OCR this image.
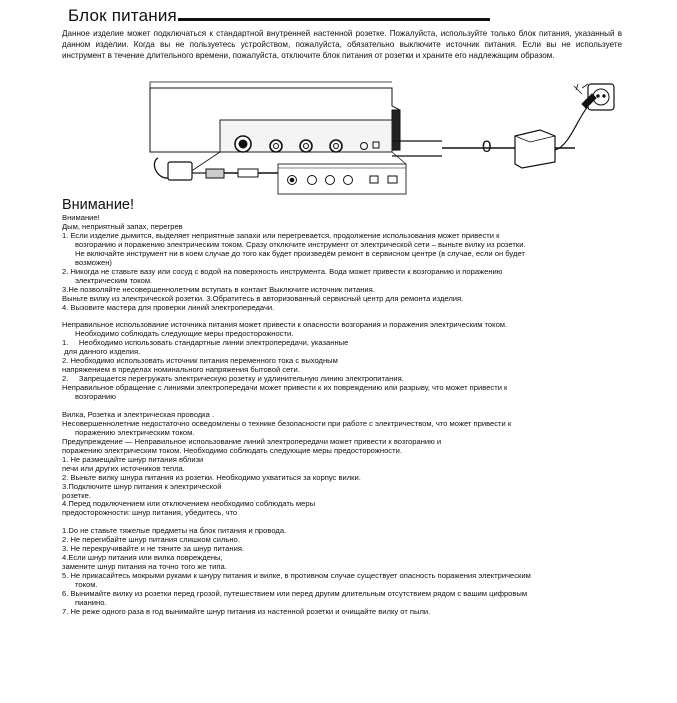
Блок питания

Данное изделие может подключаться к стандартной внутренней настенной розетке. Пожалуйста, используйте только блок питания, указанный в данном изделии. Когда вы не пользуетесь устройством, пожалуйста, обязательно выключите источник питания. Если вы не используете инструмент в течение длительного времени, пожалуйста, отключите блок питания от розетки и храните его надлежащим образом.

0
Внимание!
Внимание!
Дым, неприятный запах, перегрев
1. Если изделие дымится, выделяет неприятные запахи или перегревается, продолжение использования может привести к
возгоранию и поражению электрическим током. Сразу отключите инструмент от электрической сети – выньте вилку из розетки.
Не включайте инструмент ни в коем случае до того как будет произведём ремонт в сервисном центре (в случае, если он будет
возможен)
2. Никогда не ставьте вазу или сосуд с водой на поверхность инструмента. Вода может привести к возгоранию и поражению
электрическим током.
3.Не позволяйте несовершеннолетним вступать в контакт Выключите источник питания.
Выньте вилку из электрической розетки. 3.Обратитесь в авторизованный сервисный центр для ремонта изделия.
4. Вызовите мастера для проверки линий электропередачи.
Неправильное использование источника питания может привести к опасности возгорания и поражения электрическим током.
Необходимо соблюдать следующие меры предосторожности.
1.     Необходимо использовать стандартные линии электропередачи, указанные
для данного изделия.
2. Необходимо использовать источник питания переменного тока с выходным
напряжением в пределах номинального напряжения бытовой сети.
2.     Запрещается перегружать электрическую розетку и удлинительную линию электропитания.
Неправильное обращение с линиями электропередачи может привести к их повреждению или разрыву, что может привести к
возгоранию
Вилка, Розетка и электрическая проводка .
Несовершеннолетние недостаточно осведомлены о технике безопасности при работе с электричеством, что может привести к
поражению электрическим током.
Предупреждение — Неправильное использование линий электропередачи может привести к возгоранию и
поражению электрическим током. Необходимо соблюдать следующие меры предосторожности.
1. Не размещайте шнур питания вблизи
печи или других источников тепла.
2. Выньте вилку шнура питания из розетки. Необходимо ухватиться за корпус вилки.
3.Подключите шнур питания к электрической
розетке.
4.Перед подключением или отключением необходимо соблюдать меры
предосторожности: шнур питания, убедитесь, что
1.Do не ставьте тяжелые предметы на блок питания и провода.
2. Не перегибайте шнур питания слишком сильно.
3. Не перекручивайте и не тяните за шнур питания.
4.Если шнур питания или вилка повреждены,
замените шнур питания на точно того же типа.
5. Не прикасайтесь мокрыми руками к шнуру питания и вилке, в противном случае существует опасность поражения электрическим
током.
6. Вынимайте вилку из розетки перед грозой, путешествием или перед другим длительным отсутствием рядом с вашим цифровым
пианино.
7. Не реже одного раза в год вынимайте шнур питания из настенной розетки и очищайте вилку от пыли.
